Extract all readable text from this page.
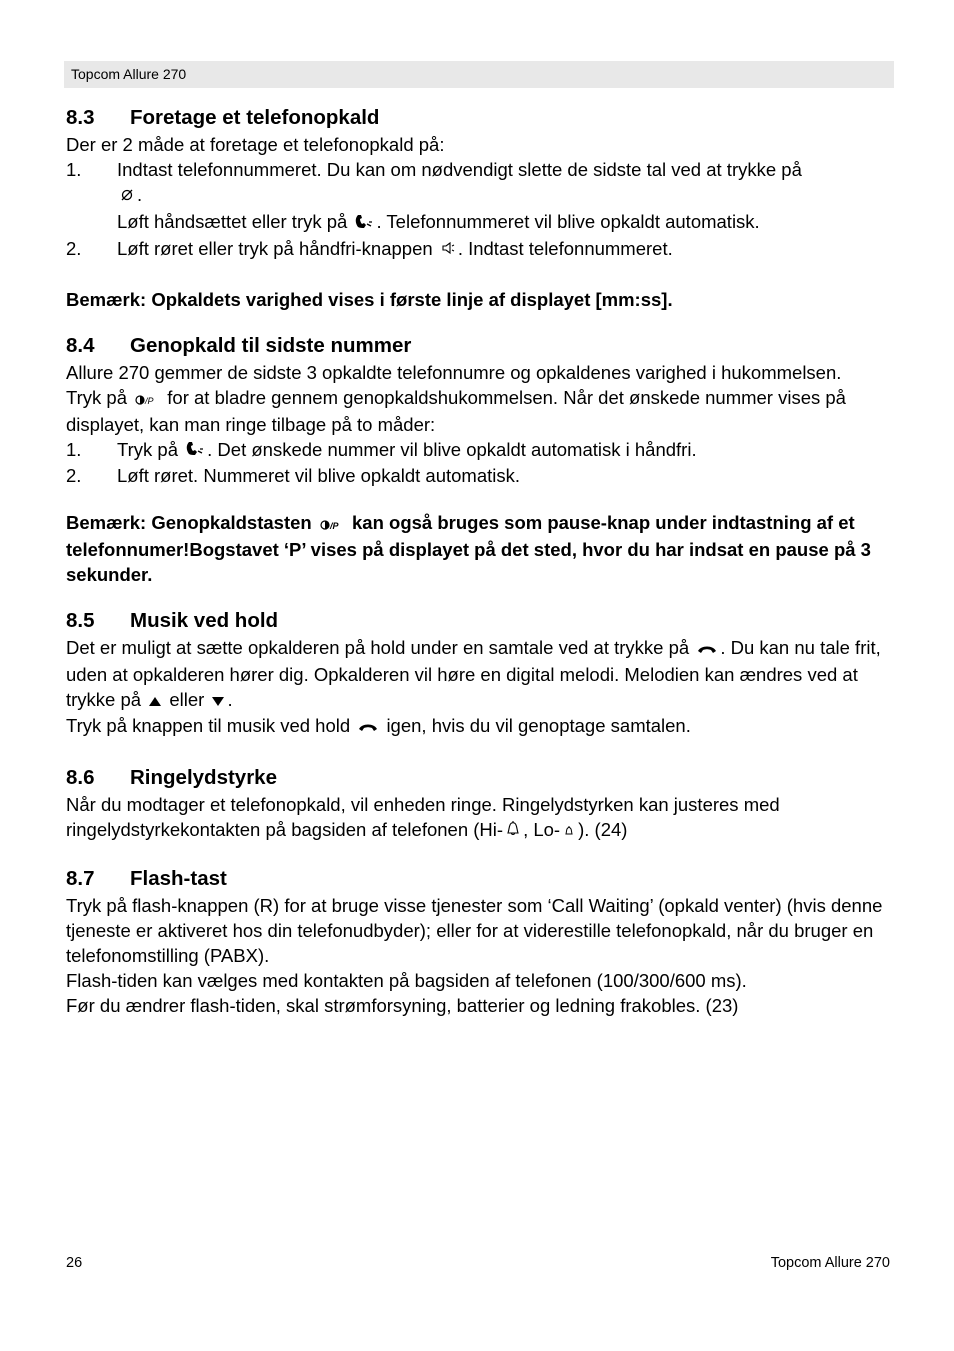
Topcom Allure 270
8.3 Foretage et telefonopkald

Der er 2 måde at foretage et telefonopkald på:

1. Indtast telefonnummeret. Du kan om nødvendigt slette de sidste tal ved at trykke på
.
Løft håndsættet eller tryk på . Telefonnummeret vil blive opkaldt automatisk.
2. Løft røret eller tryk på håndfri-knappen . Indtast telefonnummeret.

Bemærk: Opkaldets varighed vises i første linje af displayet [mm:ss].

8.4 Genopkald til sidste nummer

Allure 270 gemmer de sidste 3 opkaldte telefonnumre og opkaldenes varighed i hukommelsen.

Tryk på /P for at bladre gennem genopkaldshukommelsen. Når det ønskede nummer vises på displayet, kan man ringe tilbage på to måder:

1. Tryk på . Det ønskede nummer vil blive opkaldt automatisk i håndfri.
2. Løft røret. Nummeret vil blive opkaldt automatisk.

Bemærk: Genopkaldstasten /P kan også bruges som pause-knap under indtastning af et telefonnumer!Bogstavet ‘P’ vises på displayet på det sted, hvor du har indsat en pause på 3 sekunder.

8.5 Musik ved hold

Det er muligt at sætte opkalderen på hold under en samtale ved at trykke på . Du kan nu tale frit, uden at opkalderen hører dig. Opkalderen vil høre en digital melodi. Melodien kan ændres ved at trykke på eller .

Tryk på knappen til musik ved hold igen, hvis du vil genoptage samtalen.

8.6 Ringelydstyrke

Når du modtager et telefonopkald, vil enheden ringe. Ringelydstyrken kan justeres med ringelydstyrkekontakten på bagsiden af telefonen (Hi- , Lo- ). (24)

8.7 Flash-tast

Tryk på flash-knappen (R) for at bruge visse tjenester som ‘Call Waiting’ (opkald venter) (hvis denne tjeneste er aktiveret hos din telefonudbyder); eller for at viderestille telefonopkald, når du bruger en telefonomstilling (PABX).

Flash-tiden kan vælges med kontakten på bagsiden af telefonen (100/300/600 ms).

Før du ændrer flash-tiden, skal strømforsyning, batterier og ledning frakobles. (23)

26	Topcom Allure 270
